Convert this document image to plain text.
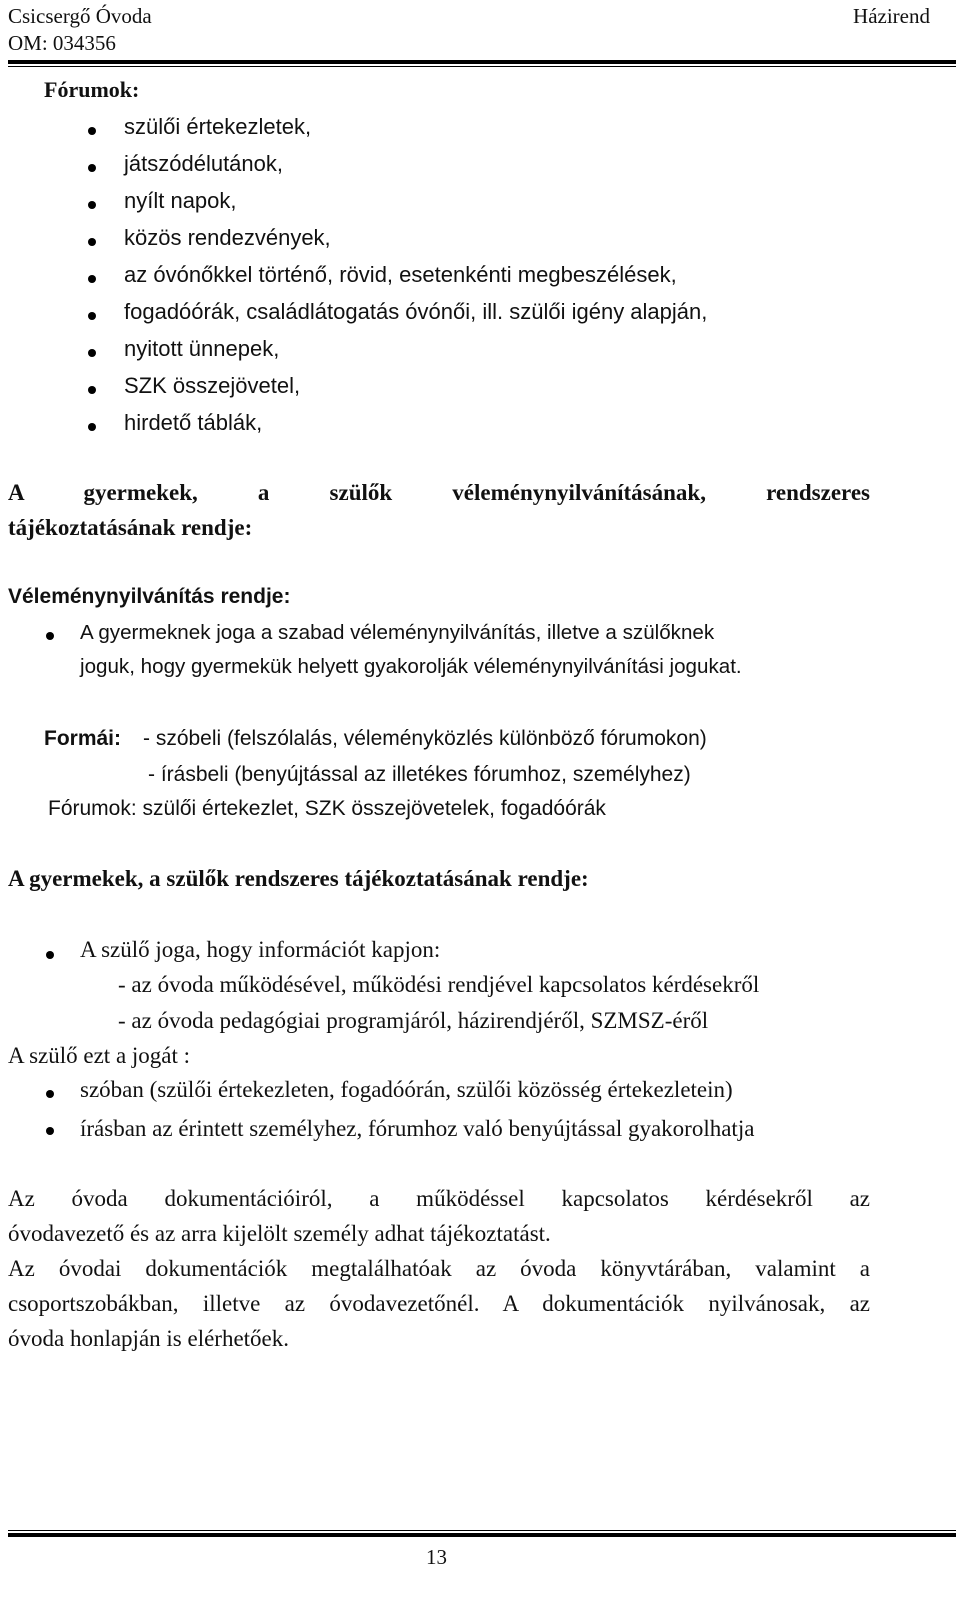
Csicsergő Óvoda
OM: 034356
Házirend
Fórumok:
szülői értekezletek,
játszódélutánok,
nyílt napok,
közös rendezvények,
az óvónőkkel történő, rövid, esetenkénti megbeszélések,
fogadóórák, családlátogatás óvónői, ill. szülői igény alapján,
nyitott ünnepek,
SZK összejövetel,
hirdető táblák,
A gyermekek, a szülők véleménynyilvánításának, rendszeres
tájékoztatásának rendje:
Véleménynyilvánítás rendje:
A gyermeknek joga a szabad véleménynyilvánítás, illetve a szülőknek
joguk, hogy gyermekük helyett gyakorolják véleménynyilvánítási jogukat.
Formái: - szóbeli (felszólalás, véleményközlés különböző fórumokon)
- írásbeli (benyújtással az illetékes fórumhoz, személyhez)
Fórumok: szülői értekezlet, SZK összejövetelek, fogadóórák
A gyermekek, a szülők rendszeres tájékoztatásának rendje:
A szülő joga, hogy információt kapjon:
- az óvoda működésével, működési rendjével kapcsolatos kérdésekről
- az óvoda pedagógiai programjáról, házirendjéről, SZMSZ-éről
A szülő ezt a jogát :
szóban (szülői értekezleten, fogadóórán, szülői közösség értekezletein)
írásban az érintett személyhez, fórumhoz való benyújtással gyakorolhatja
Az óvoda dokumentációiról, a működéssel kapcsolatos kérdésekről az
óvodavezető és az arra kijelölt személy adhat tájékoztatást.
Az óvodai dokumentációk megtalálhatóak az óvoda könyvtárában, valamint a
csoportszobákban, illetve az óvodavezetőnél. A dokumentációk nyilvánosak, az
óvoda honlapján is elérhetőek.
13
